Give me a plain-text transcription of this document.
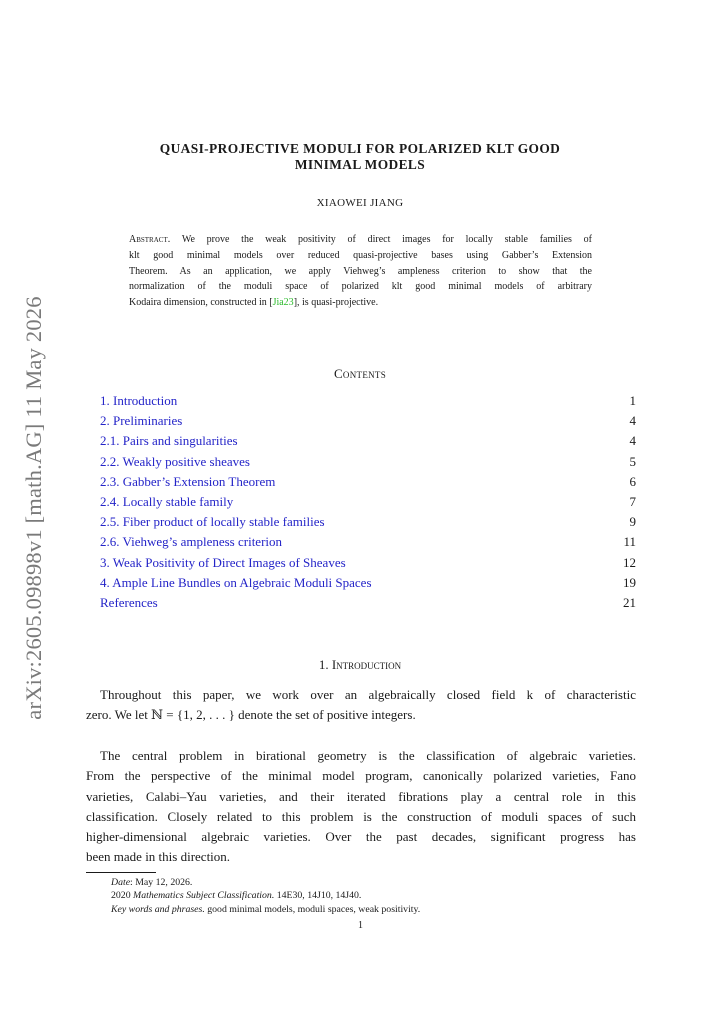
arXiv:2605.09898v1 [math.AG] 11 May 2026
QUASI-PROJECTIVE MODULI FOR POLARIZED KLT GOOD
MINIMAL MODELS
XIAOWEI JIANG
Abstract. We prove the weak positivity of direct images for locally stable families of
klt good minimal models over reduced quasi-projective bases using Gabber’s Extension
Theorem. As an application, we apply Viehweg’s ampleness criterion to show that the
normalization of the moduli space of polarized klt good minimal models of arbitrary
Kodaira dimension, constructed in [Jia23], is quasi-projective.
Contents
1. Introduction	1
2. Preliminaries	4
2.1. Pairs and singularities	4
2.2. Weakly positive sheaves	5
2.3. Gabber’s Extension Theorem	6
2.4. Locally stable family	7
2.5. Fiber product of locally stable families	9
2.6. Viehweg’s ampleness criterion	11
3. Weak Positivity of Direct Images of Sheaves	12
4. Ample Line Bundles on Algebraic Moduli Spaces	19
References	21
1. Introduction
Throughout this paper, we work over an algebraically closed field k of characteristic
zero. We let ℕ = {1, 2, . . . } denote the set of positive integers.
The central problem in birational geometry is the classification of algebraic varieties.
From the perspective of the minimal model program, canonically polarized varieties, Fano
varieties, Calabi–Yau varieties, and their iterated fibrations play a central role in this
classification. Closely related to this problem is the construction of moduli spaces of such
higher-dimensional algebraic varieties. Over the past decades, significant progress has
been made in this direction.
Date: May 12, 2026.
2020 Mathematics Subject Classification. 14E30, 14J10, 14J40.
Key words and phrases. good minimal models, moduli spaces, weak positivity.
1
